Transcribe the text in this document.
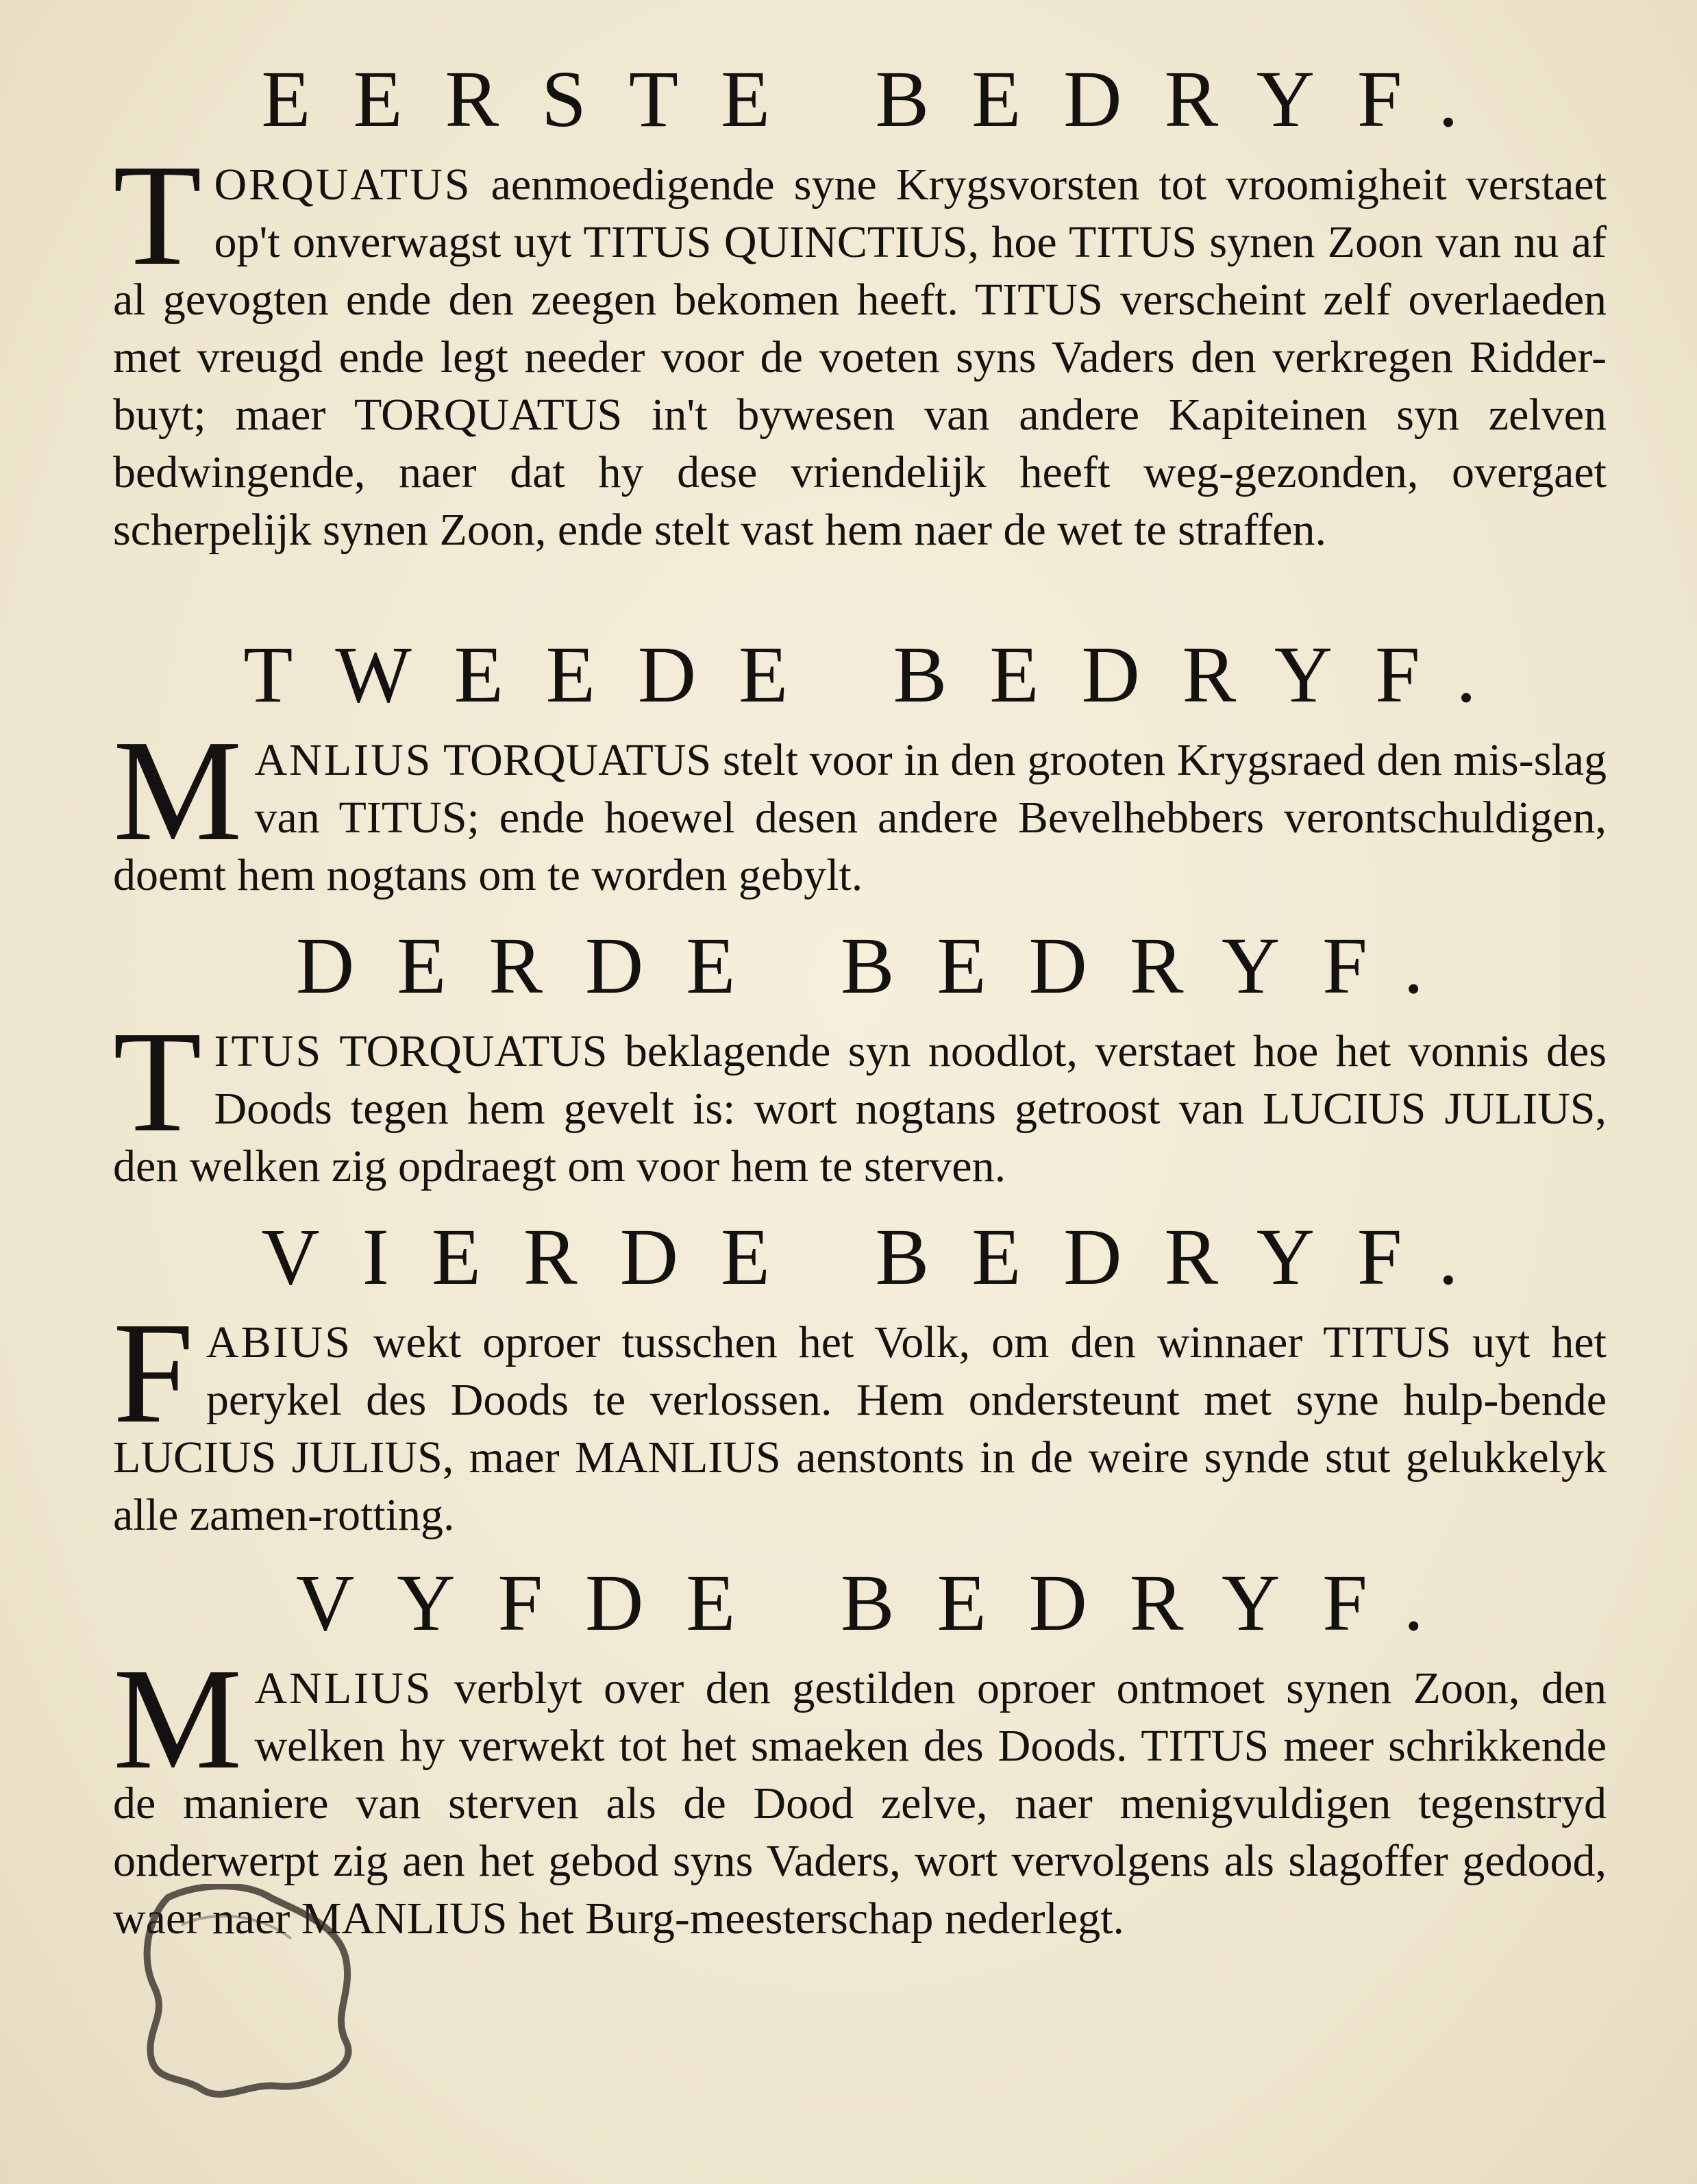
EERSTE BEDRYF.

TORQUATUS aenmoedigende syne Krygsvorsten tot vroomigheit verstaet op't onverwagst uyt TITUS QUINCTIUS, hoe TITUS synen Zoon van nu af al gevogten ende den zeegen bekomen heeft. TITUS verscheint zelf overlaeden met vreugd ende legt needer voor de voeten syns Vaders den verkregen Ridder-buyt; maer TORQUATUS in't bywesen van andere Kapiteinen syn zelven bedwingende, naer dat hy dese vriendelijk heeft weg-gezonden, overgaet scherpelijk synen Zoon, ende stelt vast hem naer de wet te straffen.

TWEEDE BEDRYF.

MANLIUS TORQUATUS stelt voor in den grooten Krygsraed den mis-slag van TITUS; ende hoewel desen andere Bevelhebbers verontschuldigen, doemt hem nogtans om te worden gebylt.

DERDE BEDRYF.

TITUS TORQUATUS beklagende syn noodlot, verstaet hoe het vonnis des Doods tegen hem gevelt is: wort nogtans getroost van LUCIUS JULIUS, den welken zig opdraegt om voor hem te sterven.

VIERDE BEDRYF.

FABIUS wekt oproer tusschen het Volk, om den winnaer TITUS uyt het perykel des Doods te verlossen. Hem ondersteunt met syne hulp-bende LUCIUS JULIUS, maer MANLIUS aenstonts in de weire synde stut gelukkelyk alle zamen-rotting.

VYFDE BEDRYF.

MANLIUS verblyt over den gestilden oproer ontmoet synen Zoon, den welken hy verwekt tot het smaeken des Doods. TITUS meer schrikkende de maniere van sterven als de Dood zelve, naer menigvuldigen tegenstryd onderwerpt zig aen het gebod syns Vaders, wort vervolgens als slagoffer gedood, waer naer MANLIUS het Burg-meesterschap nederlegt.
